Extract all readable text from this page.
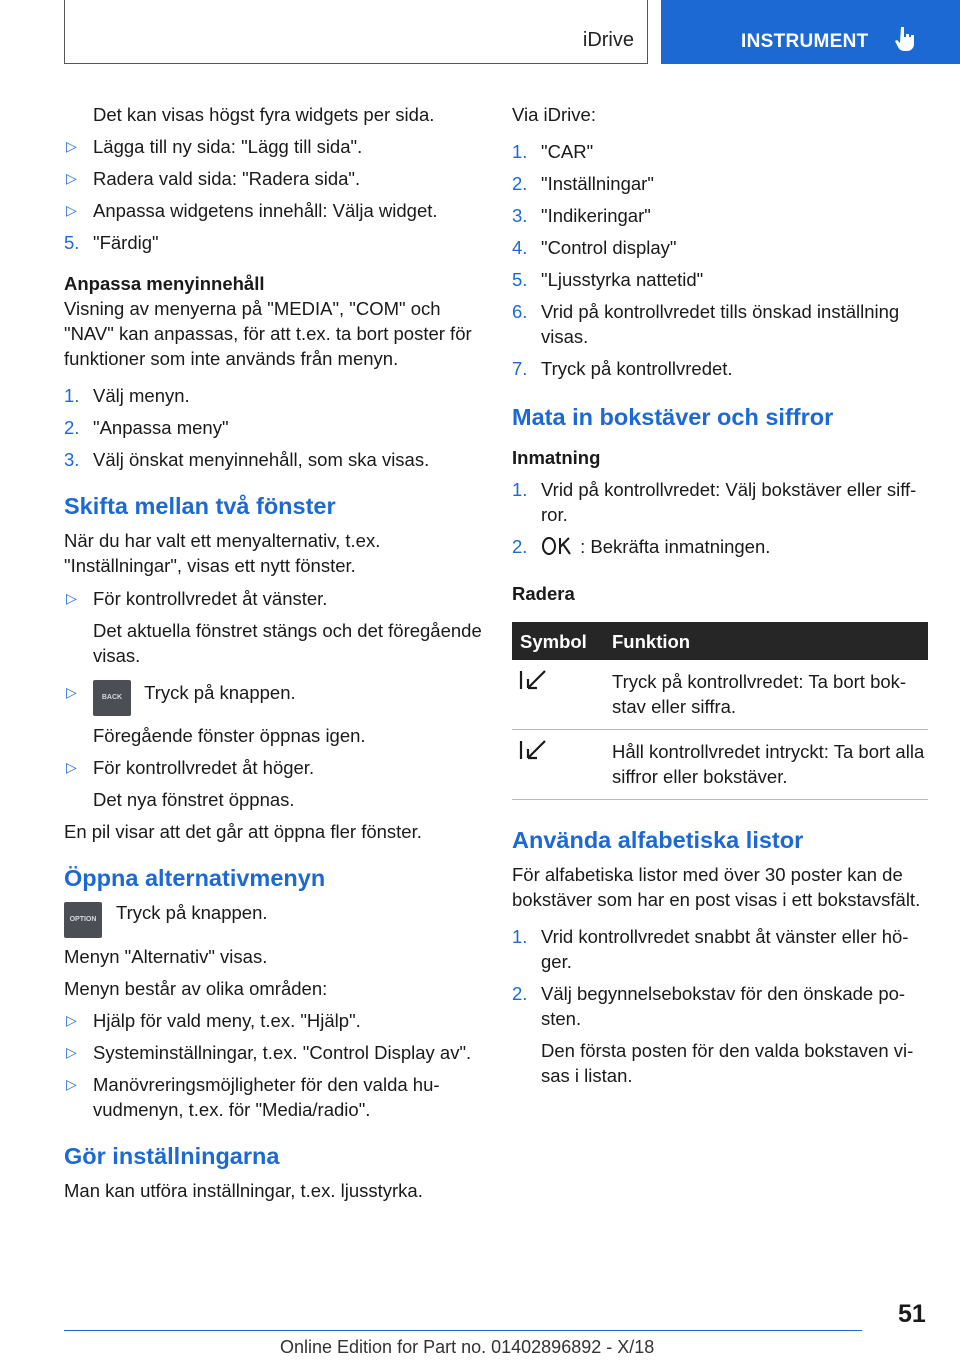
iDrive	INSTRUMENT

Det kan visas högst fyra widgets per sida.

▷ Lägga till ny sida: "Lägg till sida".

▷ Radera vald sida: "Radera sida".

▷ Anpassa widgetens innehåll: Välja widget.

5. "Färdig"

Anpassa menyinnehåll

Visning av menyerna på "MEDIA", "COM" och "NAV" kan anpassas, för att t.ex. ta bort poster för funktioner som inte används från menyn.

1. Välj menyn.

2. "Anpassa meny"

3. Välj önskat menyinnehåll, som ska visas.

Skifta mellan två fönster

När du har valt ett menyalternativ, t.ex. "Inställningar", visas ett nytt fönster.

▷ För kontrollvredet åt vänster.

Det aktuella fönstret stängs och det föregående visas.

▷	BACK Tryck på knappen.

Föregående fönster öppnas igen.

▷ För kontrollvredet åt höger.

Det nya fönstret öppnas.

En pil visar att det går att öppna fler fönster.

Öppna alternativmenyn

OPTION	Tryck på knappen.

Menyn "Alternativ" visas.

Menyn består av olika områden:

▷ Hjälp för vald meny, t.ex. "Hjälp".

▷ Systeminställningar, t.ex. "Control Display av".

▷ Manövreringsmöjligheter för den valda huvudmenyn, t.ex. för "Media/radio".

Gör inställningarna

Man kan utföra inställningar, t.ex. ljusstyrka.

Via iDrive:

1. "CAR"

2. "Inställningar"

3. "Indikeringar"

4. "Control display"

5. "Ljusstyrka nattetid"

6. Vrid på kontrollvredet tills önskad inställning visas.

7. Tryck på kontrollvredet.

Mata in bokstäver och siffror

Inmatning

1. Vrid på kontrollvredet: Välj bokstäver eller siffror.

2.	: Bekräfta inmatningen.

Radera

Symbol	Funktion
	Tryck på kontrollvredet: Ta bort bokstav eller siffra.
	Håll kontrollvredet intryckt: Ta bort alla siffror eller bokstäver.

Använda alfabetiska listor

För alfabetiska listor med över 30 poster kan de bokstäver som har en post visas i ett bokstavsfält.

1. Vrid kontrollvredet snabbt åt vänster eller höger.

2. Välj begynnelsebokstav för den önskade posten.

Den första posten för den valda bokstaven visas i listan.

51
Online Edition for Part no. 01402896892 - X/18
